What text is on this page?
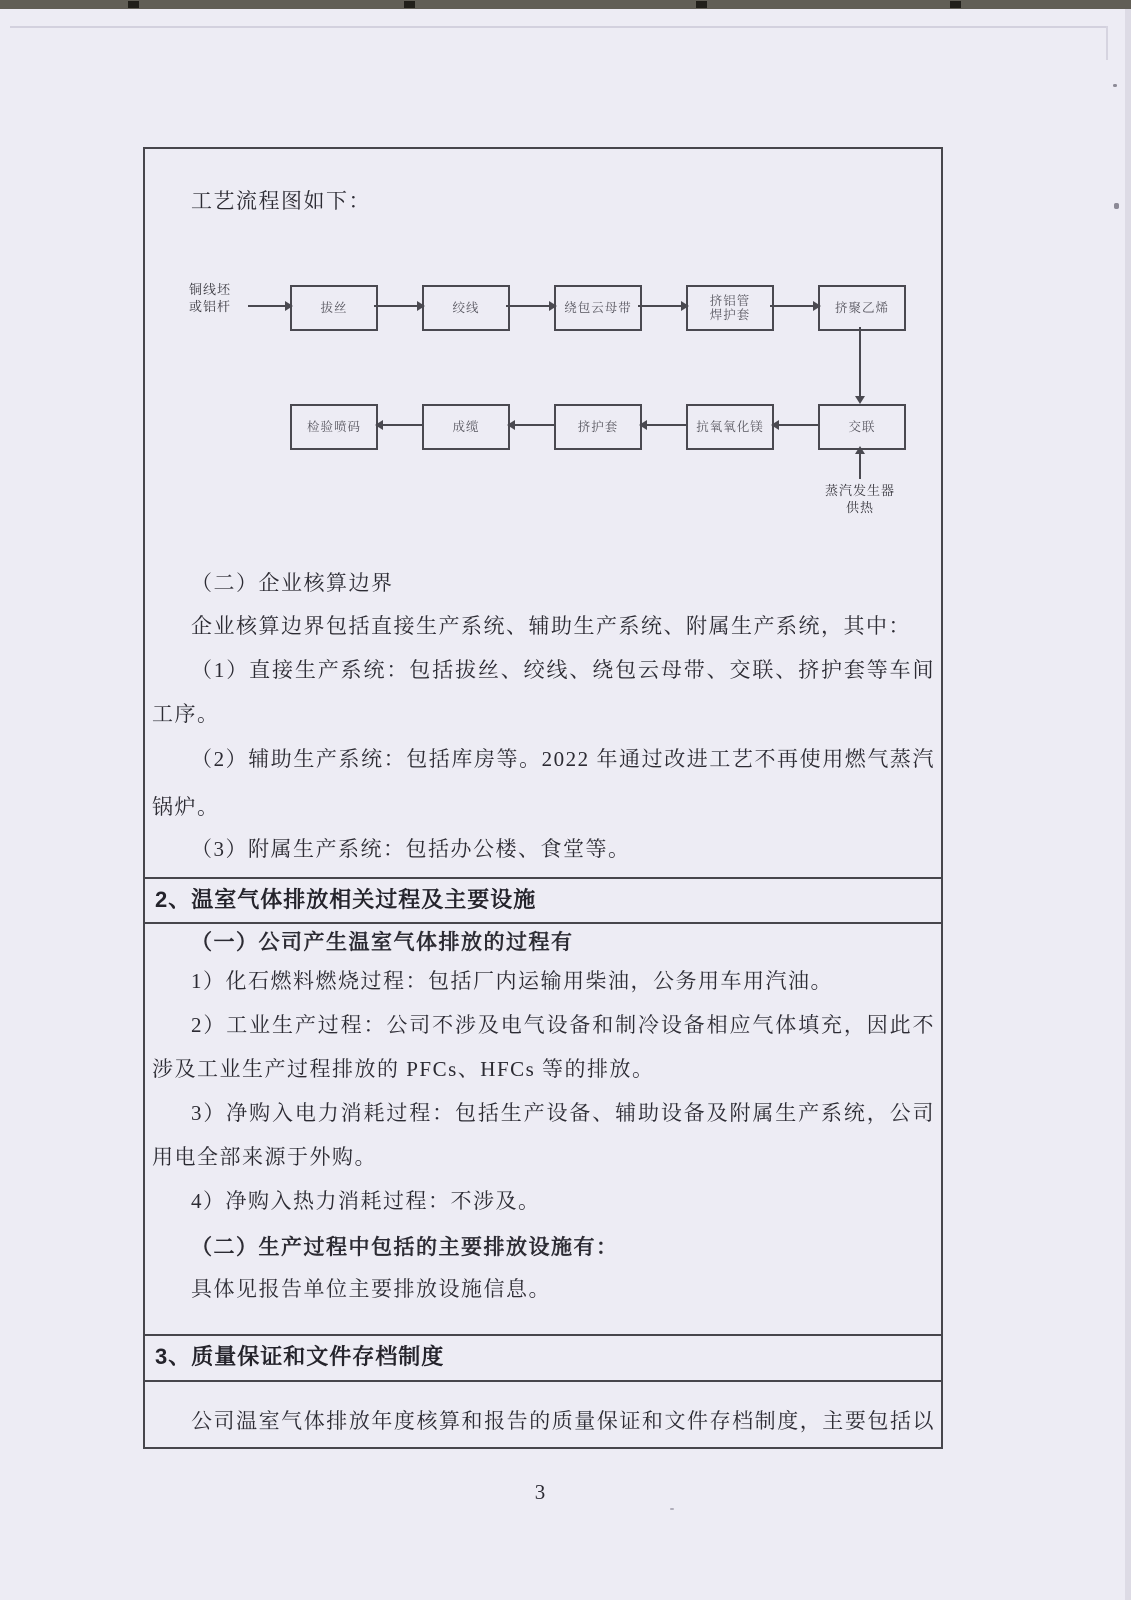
铜线坯
或铝杆	拔丝	绞线	绕包云母带	挤铝管
焊护套	挤聚乙烯
检验喷码	成缆	挤护套	抗氧氧化镁	交联
蒸汽发生器
供热
工艺流程图如下：
（二）企业核算边界
企业核算边界包括直接生产系统、辅助生产系统、附属生产系统，其中：
（1）直接生产系统：包括拔丝、绞线、绕包云母带、交联、挤护套等车间
工序。
（2）辅助生产系统：包括库房等。2022 年通过改进工艺不再使用燃气蒸汽
锅炉。
（3）附属生产系统：包括办公楼、食堂等。
2、温室气体排放相关过程及主要设施
（一）公司产生温室气体排放的过程有
1）化石燃料燃烧过程：包括厂内运输用柴油，公务用车用汽油。
2）工业生产过程：公司不涉及电气设备和制冷设备相应气体填充，因此不
涉及工业生产过程排放的 PFCs、HFCs 等的排放。
3）净购入电力消耗过程：包括生产设备、辅助设备及附属生产系统，公司
用电全部来源于外购。
4）净购入热力消耗过程：不涉及。
（二）生产过程中包括的主要排放设施有：
具体见报告单位主要排放设施信息。
3、质量保证和文件存档制度
公司温室气体排放年度核算和报告的质量保证和文件存档制度，主要包括以
3
